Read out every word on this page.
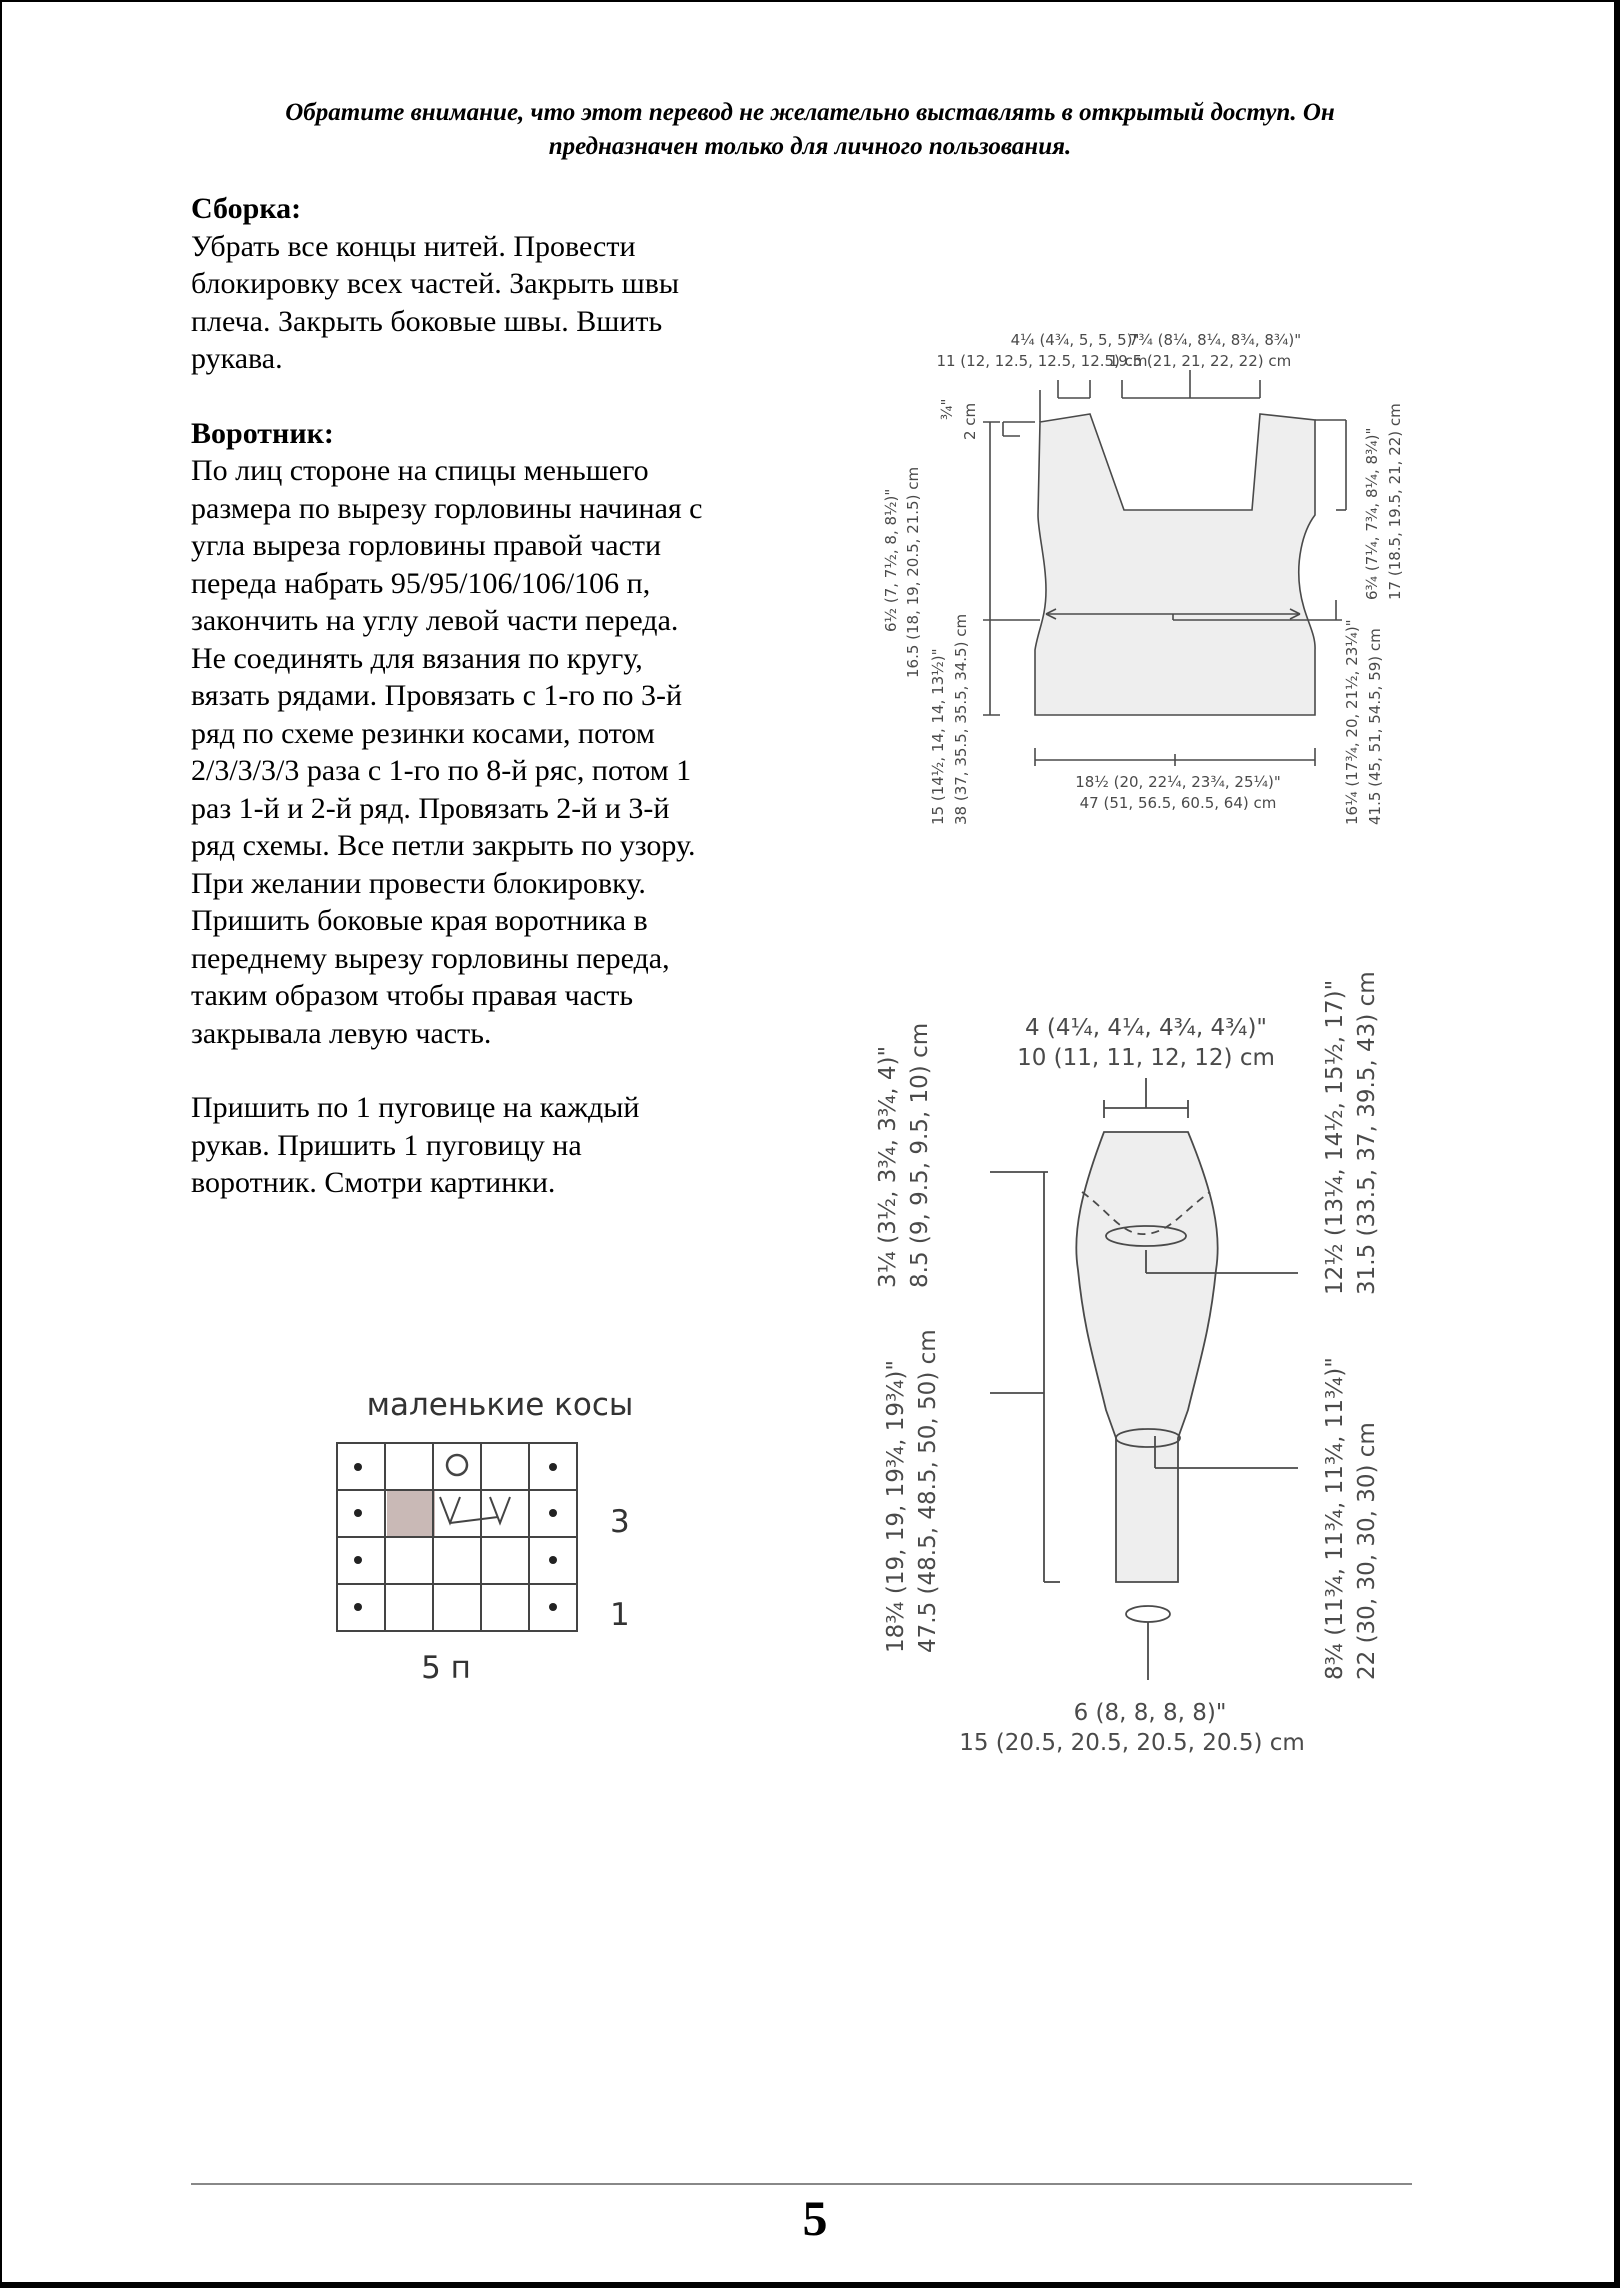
Обратите внимание, что этот перевод не желательно выставлять в открытый доступ. Он
предназначен только для личного пользования.
Сборка:
Убрать все концы нитей. Провести
блокировку всех частей. Закрыть швы
плеча. Закрыть боковые швы. Вшить
рукава.
Воротник:
По лиц стороне на спицы меньшего
размера по вырезу горловины начиная с
угла выреза горловины правой части
переда набрать 95/95/106/106/106 п,
закончить на углу левой части переда.
Не соединять для вязания по кругу,
вязать рядами. Провязать с 1-го по 3-й
ряд по схеме резинки косами, потом
2/3/3/3/3 раза с 1-го по 8-й ряс, потом 1
раз 1-й и 2-й ряд. Провязать 2-й и 3-й
ряд схемы. Все петли закрыть по узору.
При желании провести блокировку.
Пришить боковые края воротника в
переднему вырезу горловины переда,
таким образом чтобы правая часть
закрывала левую часть.
Пришить по 1 пуговице на каждый
рукав. Пришить 1 пуговицу на
воротник. Смотри картинки.
4¼ (4¾, 5, 5, 5)"
11 (12, 12.5, 12.5, 12.5) cm
7¾ (8¼, 8¼, 8¾, 8¾)"
19.5 (21, 21, 22, 22) cm
6¾ (7¼, 7¾, 8¼, 8¾)" 17 (18.5, 19.5, 21, 22) cm
¾" 2 cm
6½ (7, 7½, 8, 8½)" 16.5 (18, 19, 20.5, 21.5) cm
15 (14½, 14, 14, 13½)" 38 (37, 35.5, 35.5, 34.5) cm	16¼ (17¾, 20, 21½, 23¼)" 41.5 (45, 51, 54.5, 59) cm
18½ (20, 22¼, 23¾, 25¼)"
47 (51, 56.5, 60.5, 64) cm
4 (4¼, 4¼, 4¾, 4¾)"
10 (11, 11, 12, 12) cm
3¼ (3½, 3¾, 3¾, 4)" 8.5 (9, 9.5, 9.5, 10) cm	12½ (13¼, 14½, 15½, 17)" 31.5 (33.5, 37, 39.5, 43) cm
18¾ (19, 19, 19¾, 19¾)" 47.5 (48.5, 48.5, 50, 50) cm	8¾ (11¾, 11¾, 11¾, 11¾)" 22 (30, 30, 30, 30) cm
6 (8, 8, 8, 8)"
15 (20.5, 20.5, 20.5, 20.5) cm
маленькие косы
3
1
5 п
5
